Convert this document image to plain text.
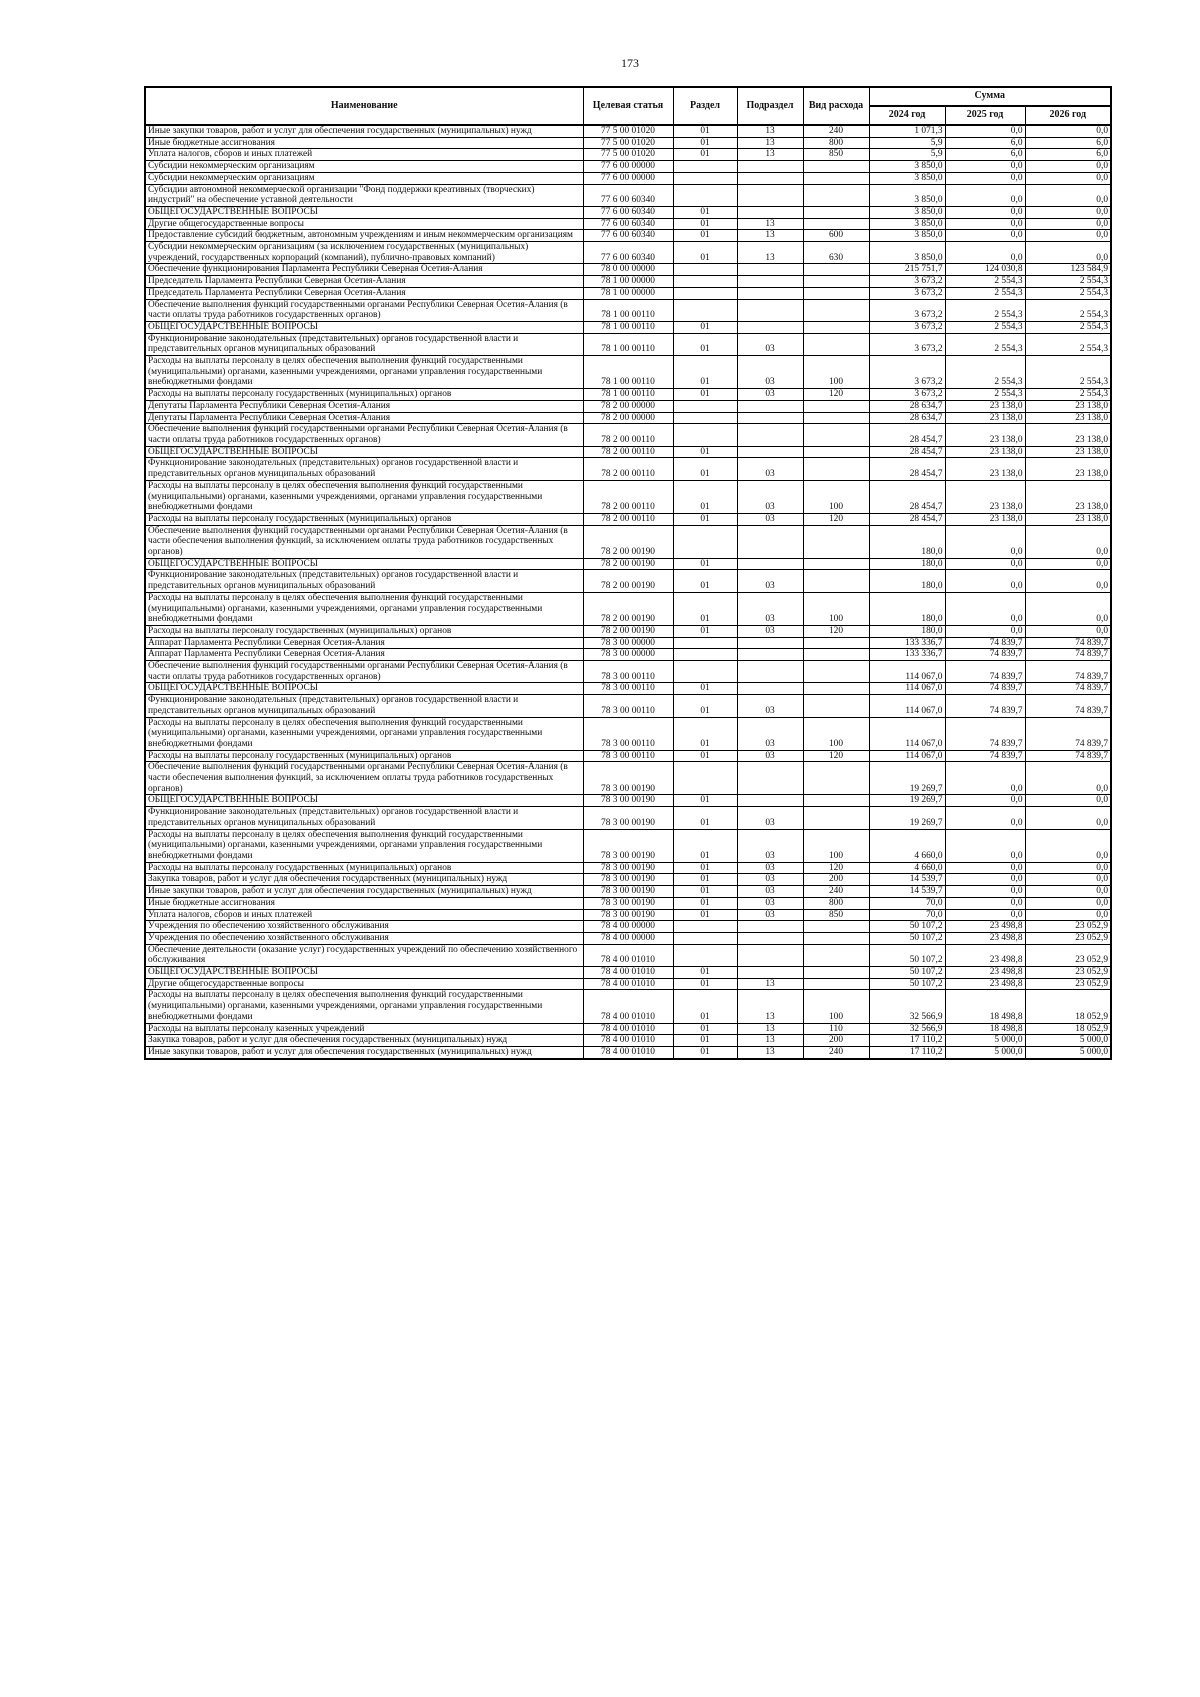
173
Наименование	Целевая статья	Раздел	Подраздел	Вид расхода	Сумма		
					2024 год	2025 год	2026 год
Иные закупки товаров, работ и услуг для обеспечения государственных (муниципальных) нужд	77 5 00 01020	01	13	240	1 071,3	0,0	0,0
Иные бюджетные ассигнования	77 5 00 01020	01	13	800	5,9	6,0	6,0
Уплата налогов, сборов и иных платежей	77 5 00 01020	01	13	850	5,9	6,0	6,0
Субсидии некоммерческим организациям	77 6 00 00000				3 850,0	0,0	0,0
Субсидии некоммерческим организациям	77 6 00 00000				3 850,0	0,0	0,0
Субсидии автономной некоммерческой организации "Фонд поддержки креативных (творческих) индустрий" на обеспечение уставной деятельности	77 6 00 60340				3 850,0	0,0	0,0
ОБЩЕГОСУДАРСТВЕННЫЕ ВОПРОСЫ	77 6 00 60340	01			3 850,0	0,0	0,0
Другие общегосударственные вопросы	77 6 00 60340	01	13		3 850,0	0,0	0,0
Предоставление субсидий бюджетным, автономным учреждениям и иным некоммерческим организациям	77 6 00 60340	01	13	600	3 850,0	0,0	0,0
Субсидии некоммерческим организациям (за исключением государственных (муниципальных) учреждений, государственных корпораций (компаний), публично-правовых компаний)	77 6 00 60340	01	13	630	3 850,0	0,0	0,0
Обеспечение функционирования Парламента Республики Северная Осетия-Алания	78 0 00 00000				215 751,7	124 030,8	123 584,9
Председатель Парламента Республики Северная Осетия-Алания	78 1 00 00000				3 673,2	2 554,3	2 554,3
Председатель Парламента Республики Северная Осетия-Алания	78 1 00 00000				3 673,2	2 554,3	2 554,3
Обеспечение выполнения функций государственными органами Республики Северная Осетия-Алания (в части оплаты труда работников государственных органов)	78 1 00 00110				3 673,2	2 554,3	2 554,3
ОБЩЕГОСУДАРСТВЕННЫЕ ВОПРОСЫ	78 1 00 00110	01			3 673,2	2 554,3	2 554,3
Функционирование законодательных (представительных) органов государственной власти и представительных органов муниципальных образований	78 1 00 00110	01	03		3 673,2	2 554,3	2 554,3
Расходы на выплаты персоналу в целях обеспечения выполнения функций государственными (муниципальными) органами, казенными учреждениями, органами управления государственными внебюджетными фондами	78 1 00 00110	01	03	100	3 673,2	2 554,3	2 554,3
Расходы на выплаты персоналу государственных (муниципальных) органов	78 1 00 00110	01	03	120	3 673,2	2 554,3	2 554,3
Депутаты Парламента Республики Северная Осетия-Алания	78 2 00 00000				28 634,7	23 138,0	23 138,0
Депутаты Парламента Республики Северная Осетия-Алания	78 2 00 00000				28 634,7	23 138,0	23 138,0
Обеспечение выполнения функций государственными органами Республики Северная Осетия-Алания (в части оплаты труда работников государственных органов)	78 2 00 00110				28 454,7	23 138,0	23 138,0
ОБЩЕГОСУДАРСТВЕННЫЕ ВОПРОСЫ	78 2 00 00110	01			28 454,7	23 138,0	23 138,0
Функционирование законодательных (представительных) органов государственной власти и представительных органов муниципальных образований	78 2 00 00110	01	03		28 454,7	23 138,0	23 138,0
Расходы на выплаты персоналу в целях обеспечения выполнения функций государственными (муниципальными) органами, казенными учреждениями, органами управления государственными внебюджетными фондами	78 2 00 00110	01	03	100	28 454,7	23 138,0	23 138,0
Расходы на выплаты персоналу государственных (муниципальных) органов	78 2 00 00110	01	03	120	28 454,7	23 138,0	23 138,0
Обеспечение выполнения функций государственными органами Республики Северная Осетия-Алания (в части обеспечения выполнения функций, за исключением оплаты труда работников государственных органов)	78 2 00 00190				180,0	0,0	0,0
ОБЩЕГОСУДАРСТВЕННЫЕ ВОПРОСЫ	78 2 00 00190	01			180,0	0,0	0,0
Функционирование законодательных (представительных) органов государственной власти и представительных органов муниципальных образований	78 2 00 00190	01	03		180,0	0,0	0,0
Расходы на выплаты персоналу в целях обеспечения выполнения функций государственными (муниципальными) органами, казенными учреждениями, органами управления государственными внебюджетными фондами	78 2 00 00190	01	03	100	180,0	0,0	0,0
Расходы на выплаты персоналу государственных (муниципальных) органов	78 2 00 00190	01	03	120	180,0	0,0	0,0
Аппарат Парламента Республики Северная Осетия-Алания	78 3 00 00000				133 336,7	74 839,7	74 839,7
Аппарат Парламента Республики Северная Осетия-Алания	78 3 00 00000				133 336,7	74 839,7	74 839,7
Обеспечение выполнения функций государственными органами Республики Северная Осетия-Алания (в части оплаты труда работников государственных органов)	78 3 00 00110				114 067,0	74 839,7	74 839,7
ОБЩЕГОСУДАРСТВЕННЫЕ ВОПРОСЫ	78 3 00 00110	01			114 067,0	74 839,7	74 839,7
Функционирование законодательных (представительных) органов государственной власти и представительных органов муниципальных образований	78 3 00 00110	01	03		114 067,0	74 839,7	74 839,7
Расходы на выплаты персоналу в целях обеспечения выполнения функций государственными (муниципальными) органами, казенными учреждениями, органами управления государственными внебюджетными фондами	78 3 00 00110	01	03	100	114 067,0	74 839,7	74 839,7
Расходы на выплаты персоналу государственных (муниципальных) органов	78 3 00 00110	01	03	120	114 067,0	74 839,7	74 839,7
Обеспечение выполнения функций государственными органами Республики Северная Осетия-Алания (в части обеспечения выполнения функций, за исключением оплаты труда работников государственных органов)	78 3 00 00190				19 269,7	0,0	0,0
ОБЩЕГОСУДАРСТВЕННЫЕ ВОПРОСЫ	78 3 00 00190	01			19 269,7	0,0	0,0
Функционирование законодательных (представительных) органов государственной власти и представительных органов муниципальных образований	78 3 00 00190	01	03		19 269,7	0,0	0,0
Расходы на выплаты персоналу в целях обеспечения выполнения функций государственными (муниципальными) органами, казенными учреждениями, органами управления государственными внебюджетными фондами	78 3 00 00190	01	03	100	4 660,0	0,0	0,0
Расходы на выплаты персоналу государственных (муниципальных) органов	78 3 00 00190	01	03	120	4 660,0	0,0	0,0
Закупка товаров, работ и услуг для обеспечения государственных (муниципальных) нужд	78 3 00 00190	01	03	200	14 539,7	0,0	0,0
Иные закупки товаров, работ и услуг для обеспечения государственных (муниципальных) нужд	78 3 00 00190	01	03	240	14 539,7	0,0	0,0
Иные бюджетные ассигнования	78 3 00 00190	01	03	800	70,0	0,0	0,0
Уплата налогов, сборов и иных платежей	78 3 00 00190	01	03	850	70,0	0,0	0,0
Учреждения по обеспечению хозяйственного обслуживания	78 4 00 00000				50 107,2	23 498,8	23 052,9
Учреждения по обеспечению хозяйственного обслуживания	78 4 00 00000				50 107,2	23 498,8	23 052,9
Обеспечение деятельности (оказание услуг) государственных учреждений по обеспечению хозяйственного обслуживания	78 4 00 01010				50 107,2	23 498,8	23 052,9
ОБЩЕГОСУДАРСТВЕННЫЕ ВОПРОСЫ	78 4 00 01010	01			50 107,2	23 498,8	23 052,9
Другие общегосударственные вопросы	78 4 00 01010	01	13		50 107,2	23 498,8	23 052,9
Расходы на выплаты персоналу в целях обеспечения выполнения функций государственными (муниципальными) органами, казенными учреждениями, органами управления государственными внебюджетными фондами	78 4 00 01010	01	13	100	32 566,9	18 498,8	18 052,9
Расходы на выплаты персоналу казенных учреждений	78 4 00 01010	01	13	110	32 566,9	18 498,8	18 052,9
Закупка товаров, работ и услуг для обеспечения государственных (муниципальных) нужд	78 4 00 01010	01	13	200	17 110,2	5 000,0	5 000,0
Иные закупки товаров, работ и услуг для обеспечения государственных (муниципальных) нужд	78 4 00 01010	01	13	240	17 110,2	5 000,0	5 000,0
